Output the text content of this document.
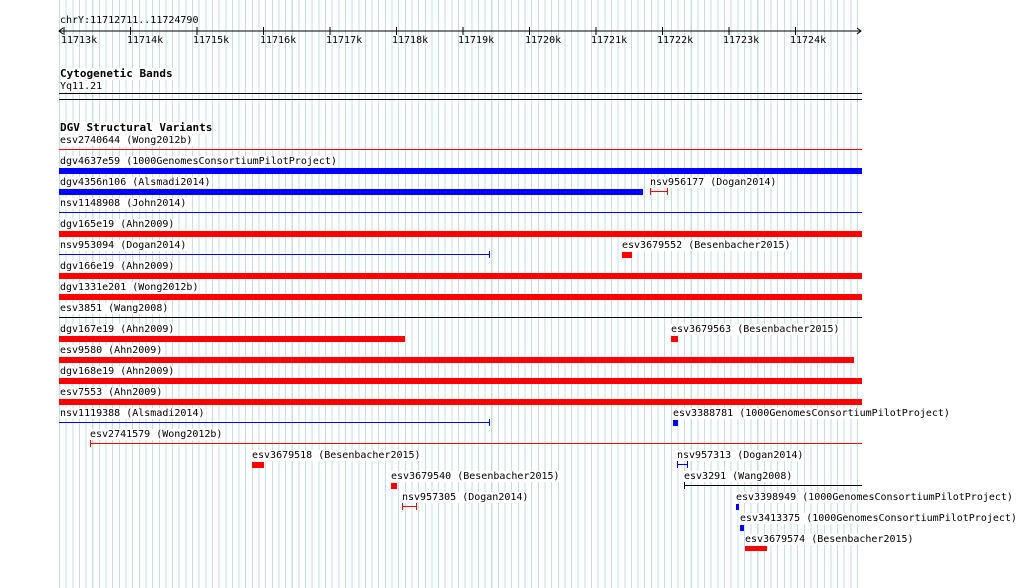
chrY:11712711..11724790
11713k	11714k	11715k	11716k	11717k	11718k	11719k	11720k	11721k	11722k	11723k	11724k
Cytogenetic Bands
Yq11.21
DGV Structural Variants
esv2740644 (Wong2012b)
dgv4637e59 (1000GenomesConsortiumPilotProject)
dgv4356n106 (Alsmadi2014)	nsv956177 (Dogan2014)
nsv1148908 (John2014)
dgv165e19 (Ahn2009)
nsv953094 (Dogan2014)	esv3679552 (Besenbacher2015)
dgv166e19 (Ahn2009)
dgv1331e201 (Wong2012b)
esv3851 (Wang2008)
dgv167e19 (Ahn2009)	esv3679563 (Besenbacher2015)
esv9580 (Ahn2009)
dgv168e19 (Ahn2009)
esv7553 (Ahn2009)
nsv1119388 (Alsmadi2014)	esv3388781 (1000GenomesConsortiumPilotProject)
esv2741579 (Wong2012b)
esv3679518 (Besenbacher2015)	nsv957313 (Dogan2014)
esv3679540 (Besenbacher2015)	esv3291 (Wang2008)
nsv957305 (Dogan2014)	esv3398949 (1000GenomesConsortiumPilotProject)
esv3413375 (1000GenomesConsortiumPilotProject)
esv3679574 (Besenbacher2015)
